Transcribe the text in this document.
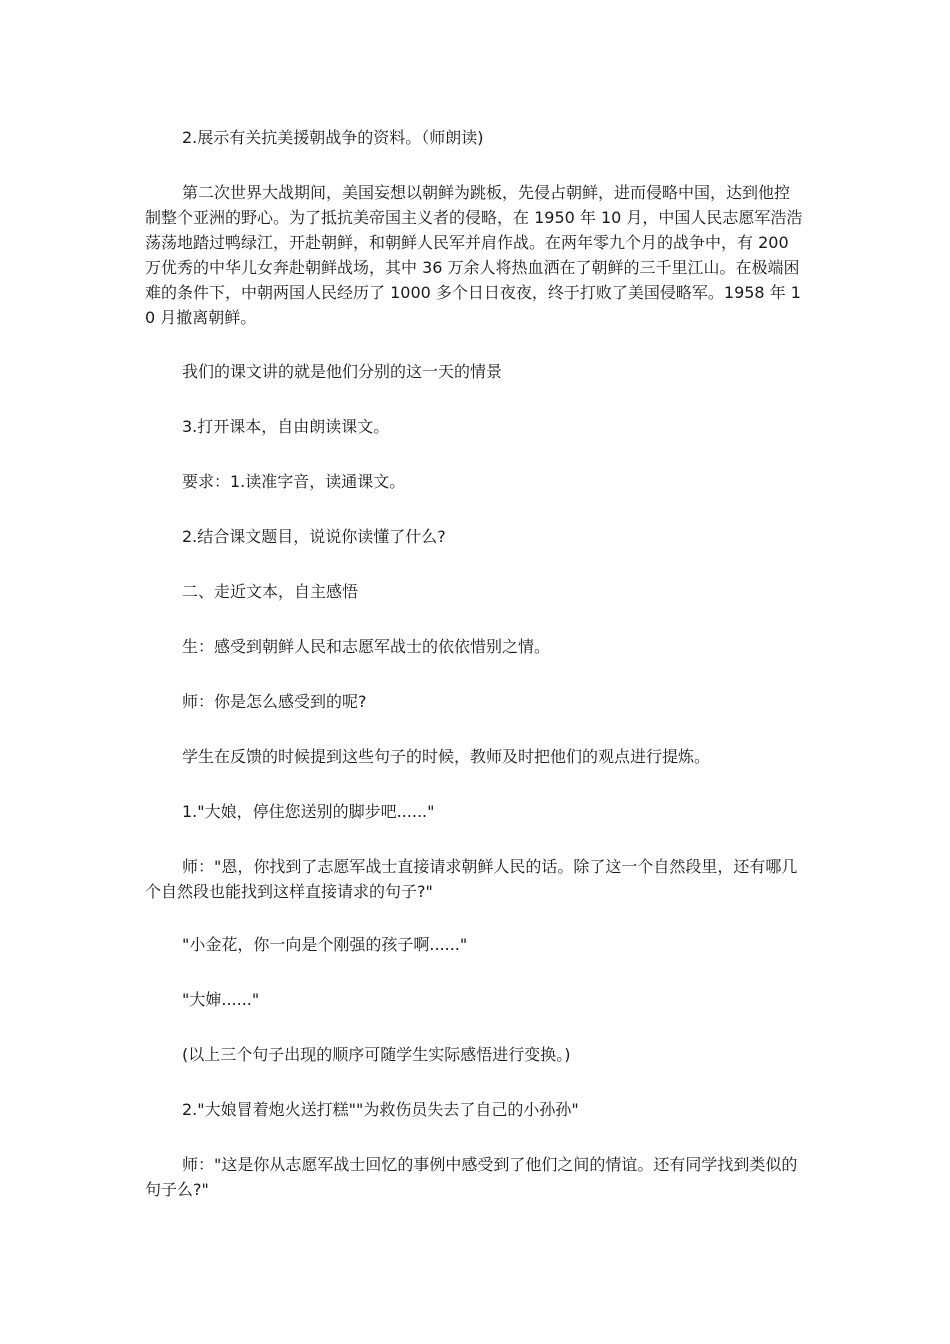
2.展示有关抗美援朝战争的资料。（师朗读)

第二次世界大战期间，美国妄想以朝鲜为跳板，先侵占朝鲜，进而侵略中国，达到他控制整个亚洲的野心。为了抵抗美帝国主义者的侵略，在 1950 年 10 月，中国人民志愿军浩浩荡荡地踏过鸭绿江，开赴朝鲜，和朝鲜人民军并肩作战。在两年零九个月的战争中，有 200 万优秀的中华儿女奔赴朝鲜战场，其中 36 万余人将热血洒在了朝鲜的三千里江山。在极端困难的条件下，中朝两国人民经历了 1000 多个日日夜夜，终于打败了美国侵略军。1958 年 10 月撤离朝鲜。

我们的课文讲的就是他们分别的这一天的情景

3.打开课本，自由朗读课文。

要求：1.读准字音，读通课文。

2.结合课文题目，说说你读懂了什么?

二、走近文本，自主感悟

生：感受到朝鲜人民和志愿军战士的依依惜别之情。

师：你是怎么感受到的呢?

学生在反馈的时候提到这些句子的时候，教师及时把他们的观点进行提炼。

1."大娘，停住您送别的脚步吧......"

师："恩，你找到了志愿军战士直接请求朝鲜人民的话。除了这一个自然段里，还有哪几个自然段也能找到这样直接请求的句子?"

"小金花，你一向是个刚强的孩子啊......"

"大婶......"

(以上三个句子出现的顺序可随学生实际感悟进行变换。)

2."大娘冒着炮火送打糕""为救伤员失去了自己的小孙孙"

师："这是你从志愿军战士回忆的事例中感受到了他们之间的情谊。还有同学找到类似的句子么?"
